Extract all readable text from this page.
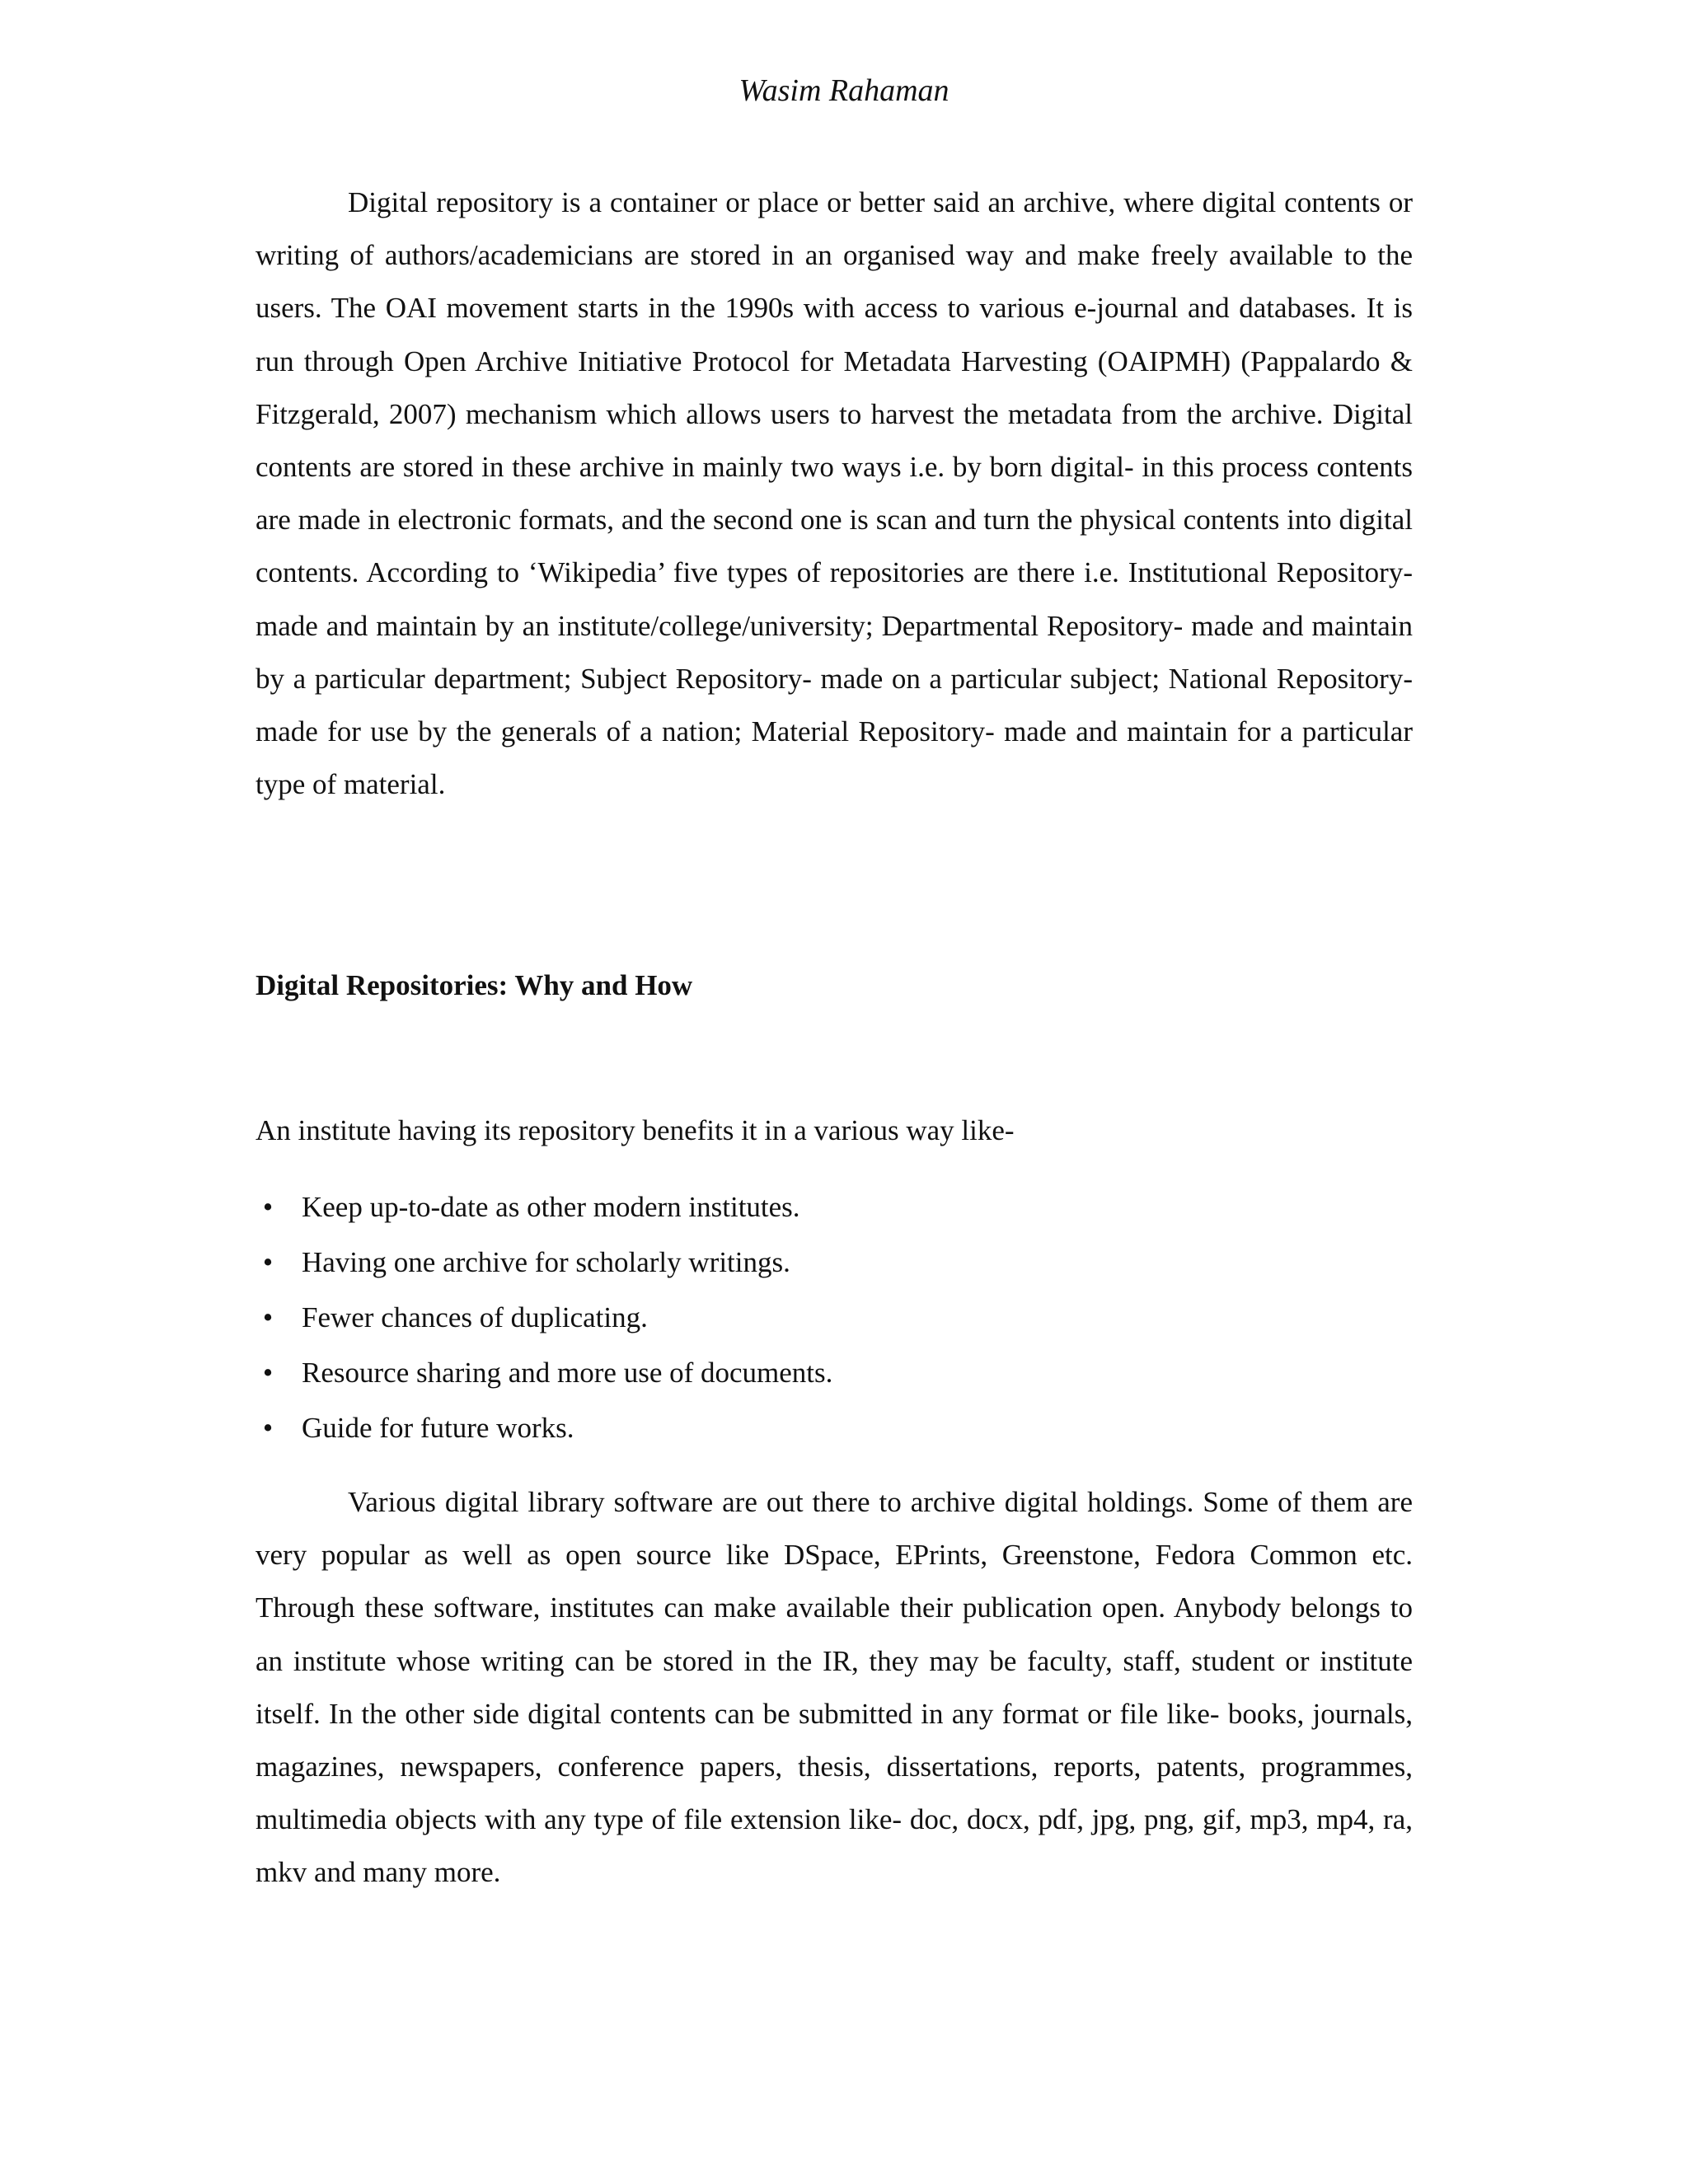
Wasim Rahaman

Digital repository is a container or place or better said an archive, where digital contents or writing of authors/academicians are stored in an organised way and make freely available to the users. The OAI movement starts in the 1990s with access to various e-journal and databases. It is run through Open Archive Initiative Protocol for Metadata Harvesting (OAIPMH) (Pappalardo & Fitzgerald, 2007) mechanism which allows users to harvest the metadata from the archive. Digital contents are stored in these archive in mainly two ways i.e. by born digital- in this process contents are made in electronic formats, and the second one is scan and turn the physical contents into digital contents. According to ‘Wikipedia’ five types of repositories are there i.e. Institutional Repository- made and maintain by an institute/college/university; Departmental Repository- made and maintain by a particular department; Subject Repository- made on a particular subject; National Repository- made for use by the generals of a nation; Material Repository- made and maintain for a particular type of material.

Digital Repositories: Why and How

An institute having its repository benefits it in a various way like-

• Keep up-to-date as other modern institutes.
• Having one archive for scholarly writings.
• Fewer chances of duplicating.
• Resource sharing and more use of documents.
• Guide for future works.

Various digital library software are out there to archive digital holdings. Some of them are very popular as well as open source like DSpace, EPrints, Greenstone, Fedora Common etc. Through these software, institutes can make available their publication open. Anybody belongs to an institute whose writing can be stored in the IR, they may be faculty, staff, student or institute itself. In the other side digital contents can be submitted in any format or file like- books, journals, magazines, newspapers, conference papers, thesis, dissertations, reports, patents, programmes, multimedia objects with any type of file extension like- doc, docx, pdf, jpg, png, gif, mp3, mp4, ra, mkv and many more.
